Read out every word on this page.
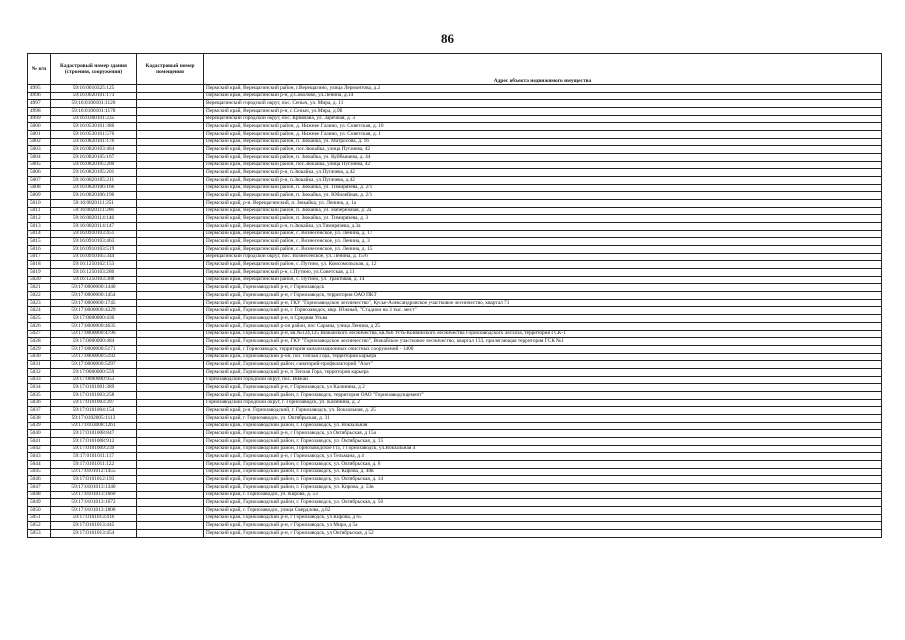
86
№ п/п	Кадастровый номер здания (строения, сооружения)	Кадастровый номер помещения	Адрес объекта недвижимого имущества
4995	59:16:0010325:125		Пермский край, Верещагинский район, г.Верещагино, улица Лермонтова, д.2
4996	59:16:0020101:173		Пермский край, Верещагинский р-н, д.Соколово, ул.Ленина, д.14
4997	59:16:0100101:1120		Верещагинский городской округ, пос. Сепыч, ул. Мира, д. 11
4998	59:16:0100101:1178		Пермский край, Верещагинский р-н, с.Сепыч, ул.Мира, д.9б
4999	59:16:0300101:235		Верещагинский городской округ, пос. Кривчана, ул. Заречная, д. 3
5000	59:16:0530101:386		Пермский край, Верещагинский район, д. Нижнее Галино, ул. Советская, д. 10
5001	59:16:0530101:576		Пермский край, Верещагинский район, д. Нижнее Галино, ул. Советская, д. 1
5002	59:16:0820101:176		Пермский край, Верещагинский район, п. Зюкайка, ул. Матросова, д. 16
5003	59:16:0820103:464		Пермский край, Верещагинский район, пос.Зюкайка, улица Пугачева, 42
5004	59:16:0820105:167		Пермский край, Верещагинский район, п. Зюкайка, ул. Куйбышева, д. 44
5005	59:16:0820105:200		Пермский край, Верещагинский район, пос.Зюкайка, улица Пугачева, 42
5006	59:16:0820105:201		Пермский край, Верещагинский р-н, п.Зюкайка, ул.Пугачева, д.42
5007	59:16:0820105:211		Пермский край, Верещагинский р-н, п.Зюкайка, ул.Пугачева, д.42
5008	59:16:0820106:166		Пермский край, Верещагинский район, п. Зюкайка, ул. Тимирязева, д. 2/1
5009	59:16:0820106:196		Пермский край, Верещагинский район, п. Зюкайка, ул. Юбилейная, д. 2/1
5010	59:16:0820111:251		Пермский край, р-н. Верещагинский, п. Зюкайка, ул. Ленина, д. 1а
5011	59:16:0820111:266		Пермский край, Верещагинский район, п. Зюкайка, ул. Набережная, д. 2а
5012	59:16:0820114:146		Пермский край, Верещагинский район, п. Зюкайка, ул. Тимирязева, д. 3
5013	59:16:0820114:147		Пермский край, Верещагинский р-н, п.Зюкайка, ул.Тимирязева, д.3а
5014	59:16:0910103:451		Пермский край, Верещагинский район, с. Вознесенское, ул. Ленина, д. 17
5015	59:16:0910103:463		Пермский край, Верещагинский район, с. Вознесенское, ул. Ленина, д. 3
5016	59:16:0910103:519		Пермский край, Верещагинский район, с. Вознесенское, ул. Ленина, д. 15
5017	59:16:0910105:344		Верещагинский городской округ, пос. Вознесенское, ул. Ленина, д. 15/6
5018	59:16:1250102:153		Пермский край, Верещагинский район, с. Путино, ул. Комсомольская, д. 12
5019	59:16:1250103:280		Пермский край, Верещагинский р-н, с.Путино, ул.Советская, д.11
5020	59:16:1250103:308		Пермский край, Верещагинский район, с. Путино, ул. Трактовая, д. 14
5021	59:17:0000000:1440		Пермский край, Горнозаводский р-н, г Горнозаводск
5022	59:17:0000000:1454		Пермский край, Горнозаводский р-н, г Горнозаводск, территория ОАО ПКТ
5023	59:17:0000000:1745		Пермский край, Горнозаводский р-н, ГКУ "Горнозаводское лесничество", Кусье-Александровское участковое лесничество, квартал 71
5024	59:17:0000000:4229		Пермский край, Горнозаводский р-н, г. Горнозаводск, мкр. Южный, "Стадион на 3 тыс. мест"
5025	59:17:0000000:430		Пермский край, Горнозаводский р-н, п Средняя Усьва
5026	59:17:0000000:4635		Пермский край, Горнозаводский р-он район, пос Сараны, улица Ленина, д 25
5027	59:17:0000000:4796		Пермский край, Горнозаводский р-н, кв.№124,125 Вижайского лесничества, кв.№6 Усть-Койвинского лесничества Горнозаводского лесхоза, территория ГСК-1
5028	59:17:0000000:484		Пермский край, Горнозаводский р-н, ГКУ "Горнозаводское лесничество", Вижайское участковое лесничество, квартал 133, прилегающая территория ГСК №1
5029	59:17:0000000:5171		Пермский край, г Горнозаводск, территория канализационных очистных сооружений - 1400
5030	59:17:0000000:5192		Пермский край, Горнозаводский р-он, пос Теплая Гора, территория карьера
5031	59:17:0000000:5297		Пермский край, Горнозаводский район, санаторий-профилакторий "Азот"
5032	59:17:0000000:559		Пермский край, Горнозаводский р-н, п Теплая Гора, территория карьера
5033	59:17:0000000:953		Горнозаводский городской округ, пос. Вижай
5034	59:17:0101001:389		Пермский край, Горнозаводский р-н, г Горнозаводск, ул Калинина, д 2
5035	59:17:0101003:258		Пермский край, Горнозаводский район, г. Горнозаводск, территория ОАО "Горнозаводскцемент"
5036	59:17:0101003:397		Горнозаводский городской округ, г. Горнозаводск, ул. Калинина, д. 2
5037	59:17:0101004:154		Пермский край, р-н. Горнозаводский, г. Горнозаводск, ул. Вокзальная, д. 25
5038	59:17:0102005:1113		Пермский край, г. Горнозаводск, ул. Октябрьская, д. 31
5039	59:17:0103008:1261		Пермский край, Горнозаводский район, г. Горнозаводск, ул. Вокзальная
5040	59:17:0101008:847		Пермский край, Горнозаводский р-н, г Горнозаводск, ул Октябрьская, д 15а
5041	59:17:0101008:912		Пермский край, Горнозаводский район, г. Горнозаводск, ул. Октябрьская, д. 15
5042	59:17:0101009:239		Пермский край, Горнозаводский район, Горнозаводское ГП, г Горнозаводск, ул.Вокзальная 4
5043	59:17:0101011:117		Пермский край, Горнозаводский р-н, г Горнозаводск, ул Тельмана, д 4
5044	59:17:0101011:122		Пермский край, Горнозаводский район, г. Горнозаводск, ул. Октябрьская, д. 6
5045	59:17:0101012:1455		Пермский край, Горнозаводский район, г. Горнозаводск, ул. Кирова, д. 40в
5046	59:17:0101012:193		Пермский край, Горнозаводский район, г. Горнозаводск, ул. Октябрьская, д. 14
5047	59:17:0101013:1340		Пермский край, Горнозаводский район, г. Горнозаводск, ул. Кирова, д. 53в
5048	59:17:0101013:1660		Пермский край, г. Горнозаводск, ул. Кирова, д. 53
5049	59:17:0101013:1672		Пермский край, Горнозаводский район, г. Горнозаводск, ул. Октябрьская, д. 50
5050	59:17:0101013:1808		Пермский край, г. Горнозаводск, улица Свердлова, д.62
5051	59:17:0101013:416		Пермский край, Горнозаводский р-н, г Горнозаводск, ул Кирова, д 65
5052	59:17:0101013:445		Пермский край, Горнозаводский р-н, г Горнозаводск, ул Мира, д 5а
5053	59:17:0101013:454		Пермский край, Горнозаводский р-н, г Горнозаводск, ул Октябрьская, д 52
